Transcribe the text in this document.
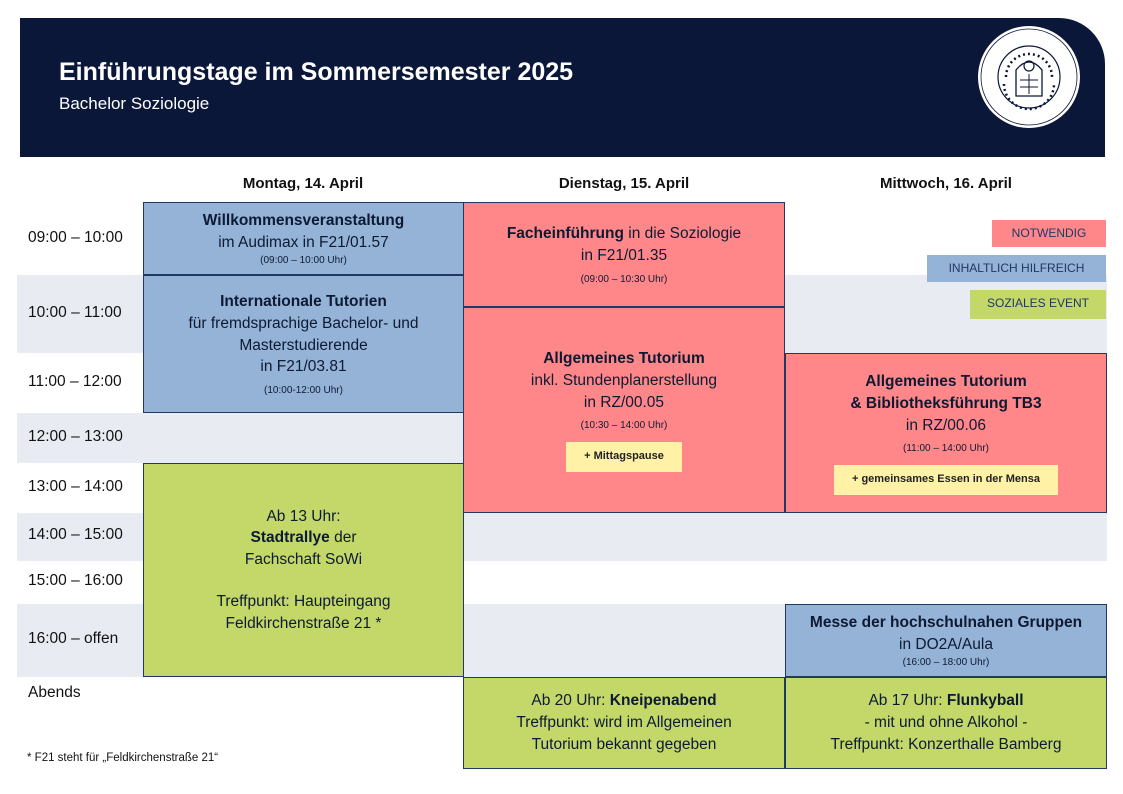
Einführungstage im Sommersemester 2025
Bachelor Soziologie
Montag, 14. April	Dienstag, 15. April	Mittwoch, 16. April
09:00 – 10:00
10:00 – 11:00
11:00 – 12:00
12:00 – 13:00
13:00 – 14:00
14:00 – 15:00
15:00 – 16:00
16:00 – offen
Abends
Willkommensveranstaltung
im Audimax in F21/01.57
(09:00 – 10:00 Uhr)
Internationale Tutorien
für fremdsprachige Bachelor- und
Masterstudierende
in F21/03.81
(10:00-12:00 Uhr)
Ab 13 Uhr:
Stadtrallye der
Fachschaft SoWi
Treffpunkt: Haupteingang
Feldkirchenstraße 21 *
Facheinführung in die Soziologie
in F21/01.35
(09:00 – 10:30 Uhr)
Allgemeines Tutorium
inkl. Stundenplanerstellung
in RZ/00.05
(10:30 – 14:00 Uhr)
+ Mittagspause
Ab 20 Uhr: Kneipenabend
Treffpunkt: wird im Allgemeinen
Tutorium bekannt gegeben
NOTWENDIG
INHALTLICH HILFREICH
SOZIALES EVENT
Allgemeines Tutorium
& Bibliotheksführung TB3
in RZ/00.06
(11:00 – 14:00 Uhr)
+ gemeinsames Essen in der Mensa
Messe der hochschulnahen Gruppen
in DO2A/Aula
(16:00 – 18:00 Uhr)
Ab 17 Uhr: Flunkyball
- mit und ohne Alkohol -
Treffpunkt: Konzerthalle Bamberg
* F21 steht für „Feldkirchenstraße 21“
